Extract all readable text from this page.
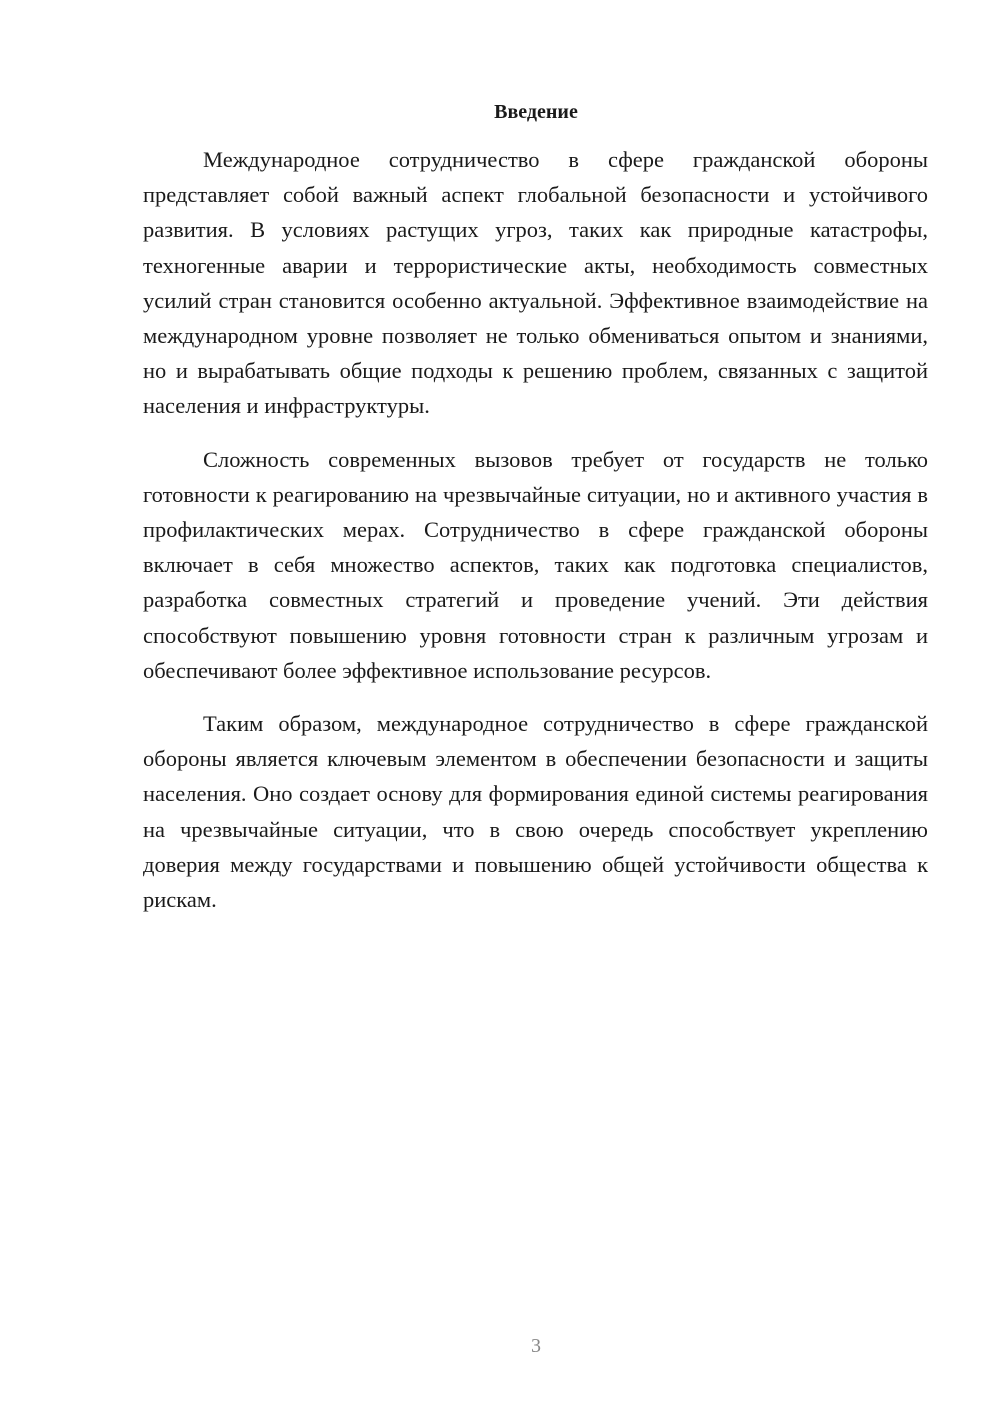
Введение

Международное сотрудничество в сфере гражданской обороны представляет собой важный аспект глобальной безопасности и устойчивого развития. В условиях растущих угроз, таких как природные катастрофы, техногенные аварии и террористические акты, необходимость совместных усилий стран становится особенно актуальной. Эффективное взаимодействие на международном уровне позволяет не только обмениваться опытом и знаниями, но и вырабатывать общие подходы к решению проблем, связанных с защитой населения и инфраструктуры.

Сложность современных вызовов требует от государств не только готовности к реагированию на чрезвычайные ситуации, но и активного участия в профилактических мерах. Сотрудничество в сфере гражданской обороны включает в себя множество аспектов, таких как подготовка специалистов, разработка совместных стратегий и проведение учений. Эти действия способствуют повышению уровня готовности стран к различным угрозам и обеспечивают более эффективное использование ресурсов.

Таким образом, международное сотрудничество в сфере гражданской обороны является ключевым элементом в обеспечении безопасности и защиты населения. Оно создает основу для формирования единой системы реагирования на чрезвычайные ситуации, что в свою очередь способствует укреплению доверия между государствами и повышению общей устойчивости общества к рискам.

3
